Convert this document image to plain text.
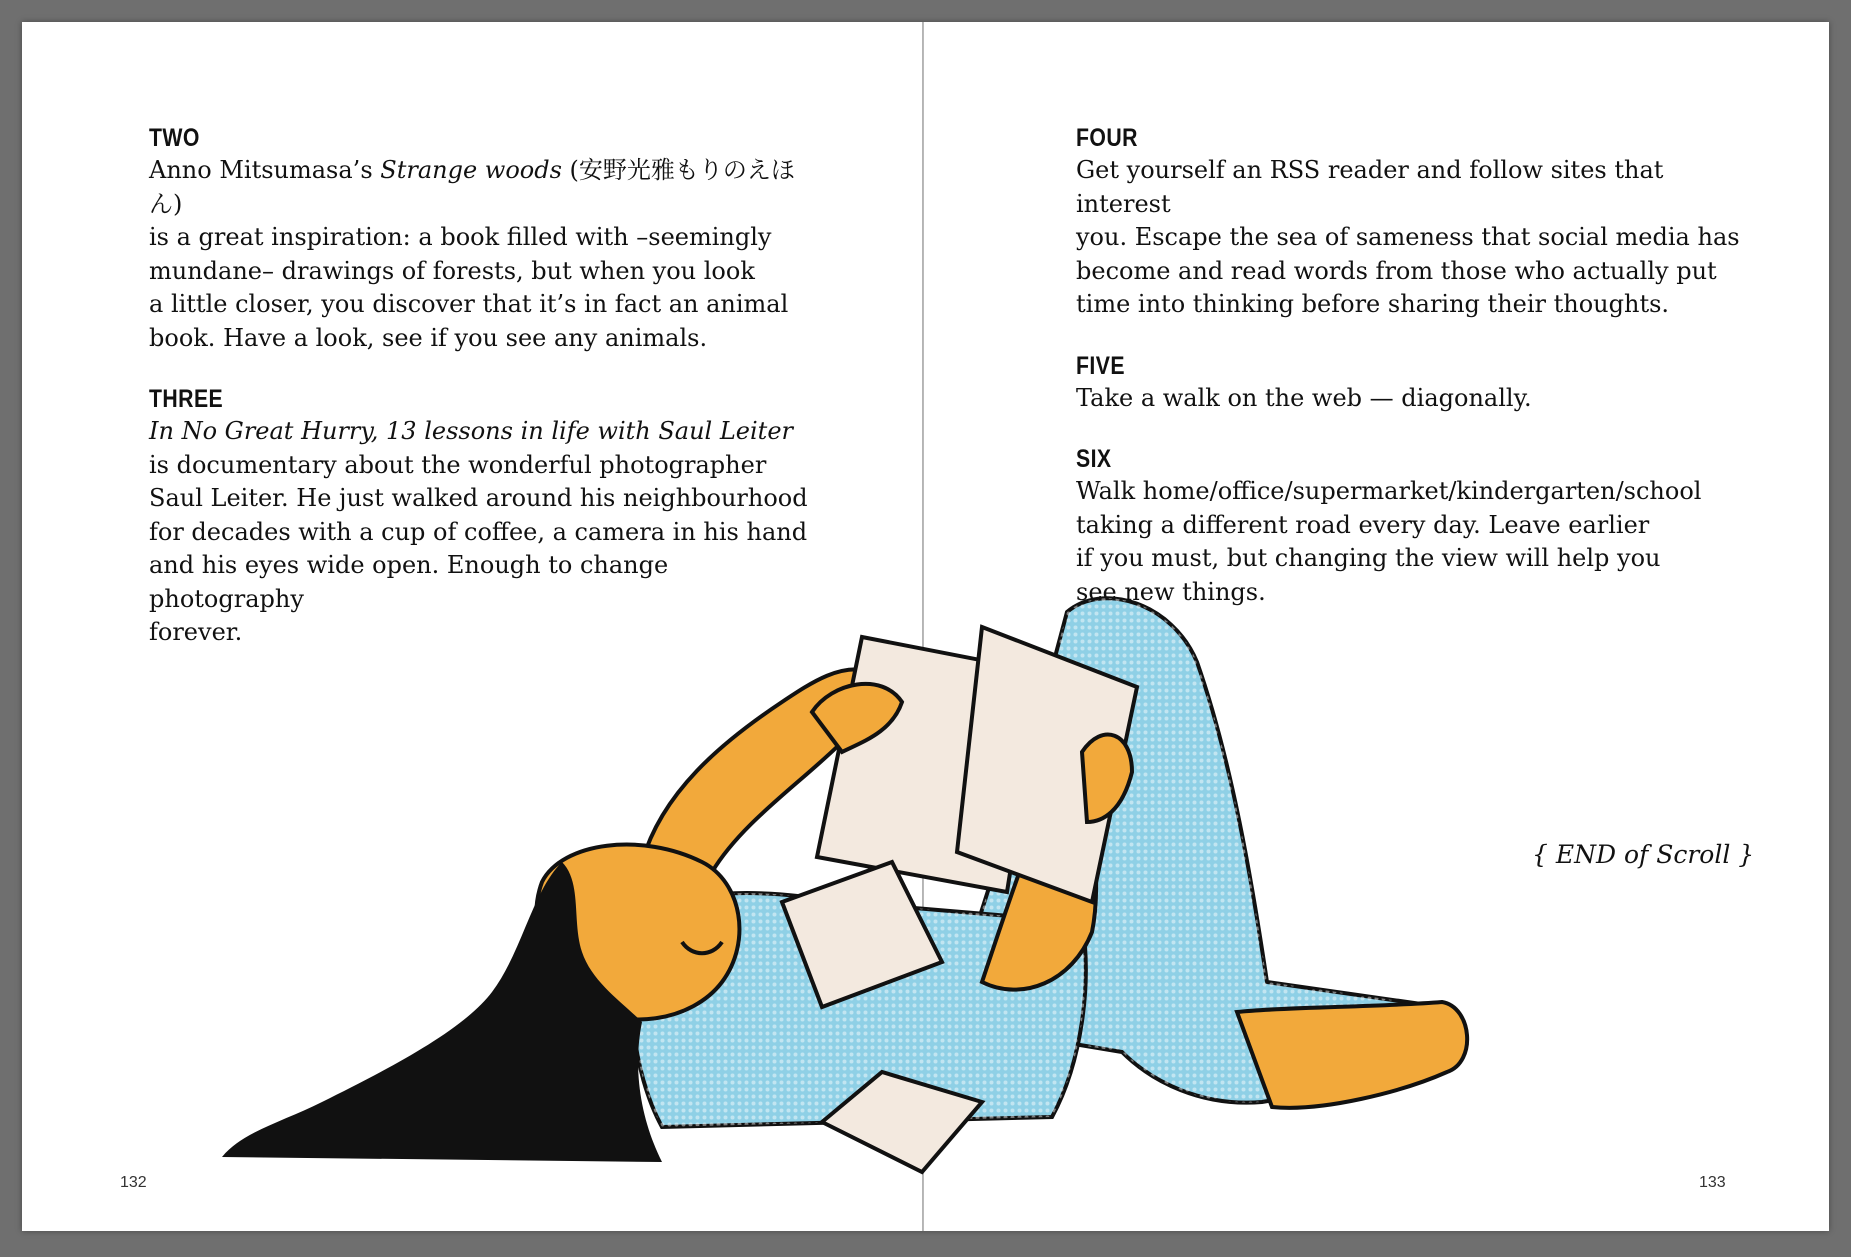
TWO
Anno Mitsumasa’s Strange woods (安野光雅もりのえほん)
is a great inspiration: a book filled with –seemingly
mundane– drawings of forests, but when you look
a little closer, you discover that it’s in fact an animal
book. Have a look, see if you see any animals.
THREE
In No Great Hurry, 13 lessons in life with Saul Leiter
is documentary about the wonderful photographer
Saul Leiter. He just walked around his neighbourhood
for decades with a cup of coffee, a camera in his hand
and his eyes wide open. Enough to change photography
forever.
FOUR
Get yourself an RSS reader and follow sites that interest
you. Escape the sea of sameness that social media has
become and read words from those who actually put
time into thinking before sharing their thoughts.
FIVE
Take a walk on the web — diagonally.
SIX
Walk home/office/supermarket/kindergarten/school
taking a different road every day. Leave earlier
if you must, but changing the view will help you
see new things.
{ END of Scroll }
132	133
